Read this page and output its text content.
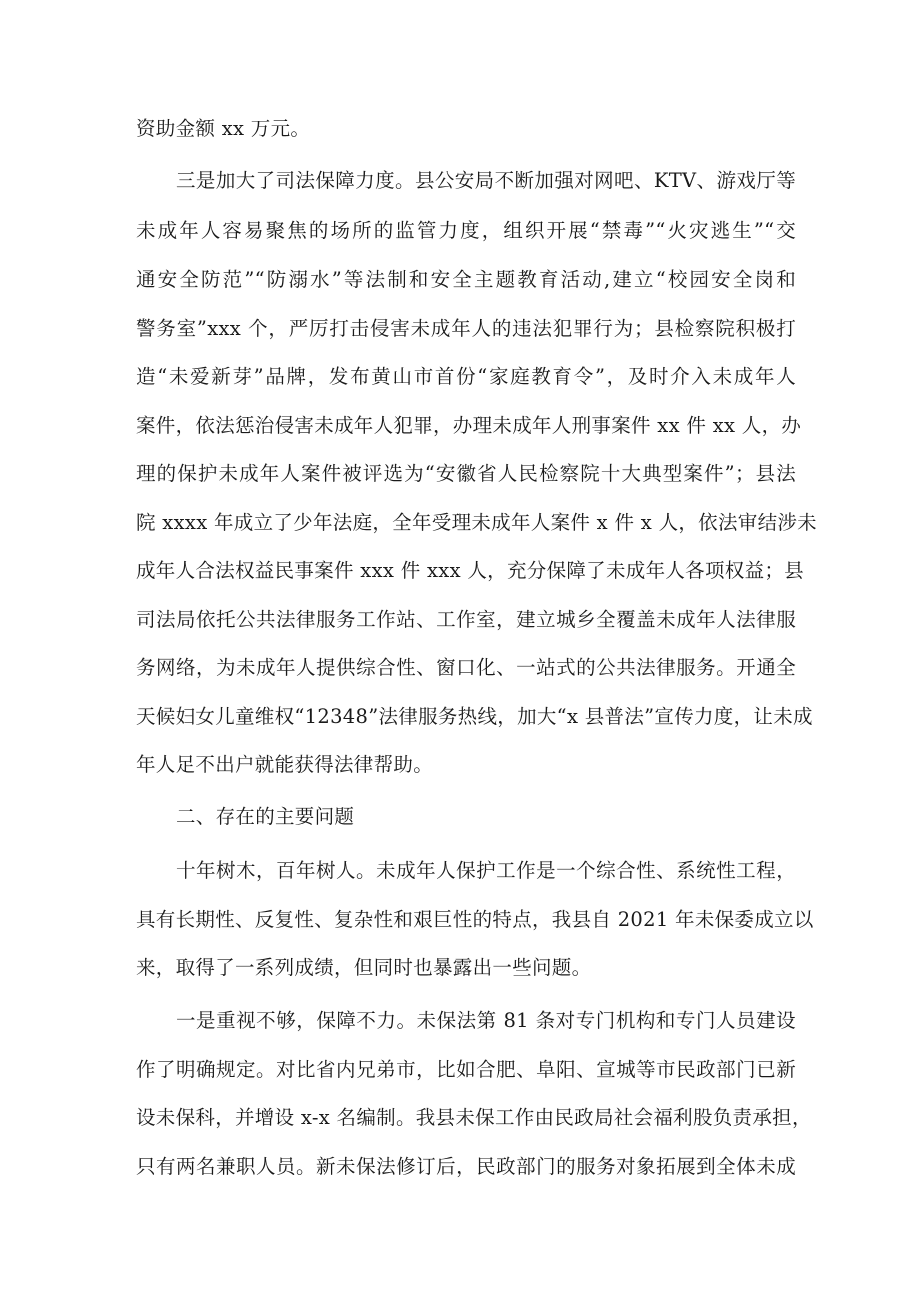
资助金额 xx 万元。
三是加大了司法保障力度。县公安局不断加强对网吧、KTV、游戏厅等
未成年人容易聚焦的场所的监管力度，组织开展“禁毒”“火灾逃生”“交
通安全防范”“防溺水”等法制和安全主题教育活动,建立“校园安全岗和
警务室”xxx 个，严厉打击侵害未成年人的违法犯罪行为；县检察院积极打
造“未爱新芽”品牌，发布黄山市首份“家庭教育令”，及时介入未成年人
案件，依法惩治侵害未成年人犯罪，办理未成年人刑事案件 xx 件 xx 人，办
理的保护未成年人案件被评选为“安徽省人民检察院十大典型案件”；县法
院 xxxx 年成立了少年法庭，全年受理未成年人案件 x 件 x 人，依法审结涉未
成年人合法权益民事案件 xxx 件 xxx 人，充分保障了未成年人各项权益；县
司法局依托公共法律服务工作站、工作室，建立城乡全覆盖未成年人法律服
务网络，为未成年人提供综合性、窗口化、一站式的公共法律服务。开通全
天候妇女儿童维权“12348”法律服务热线，加大“x 县普法”宣传力度，让未成
年人足不出户就能获得法律帮助。
二、存在的主要问题
十年树木，百年树人。未成年人保护工作是一个综合性、系统性工程，
具有长期性、反复性、复杂性和艰巨性的特点，我县自 2021 年未保委成立以
来，取得了一系列成绩，但同时也暴露出一些问题。
一是重视不够，保障不力。未保法第 81 条对专门机构和专门人员建设
作了明确规定。对比省内兄弟市，比如合肥、阜阳、宣城等市民政部门已新
设未保科，并增设 x-x 名编制。我县未保工作由民政局社会福利股负责承担，
只有两名兼职人员。新未保法修订后，民政部门的服务对象拓展到全体未成
